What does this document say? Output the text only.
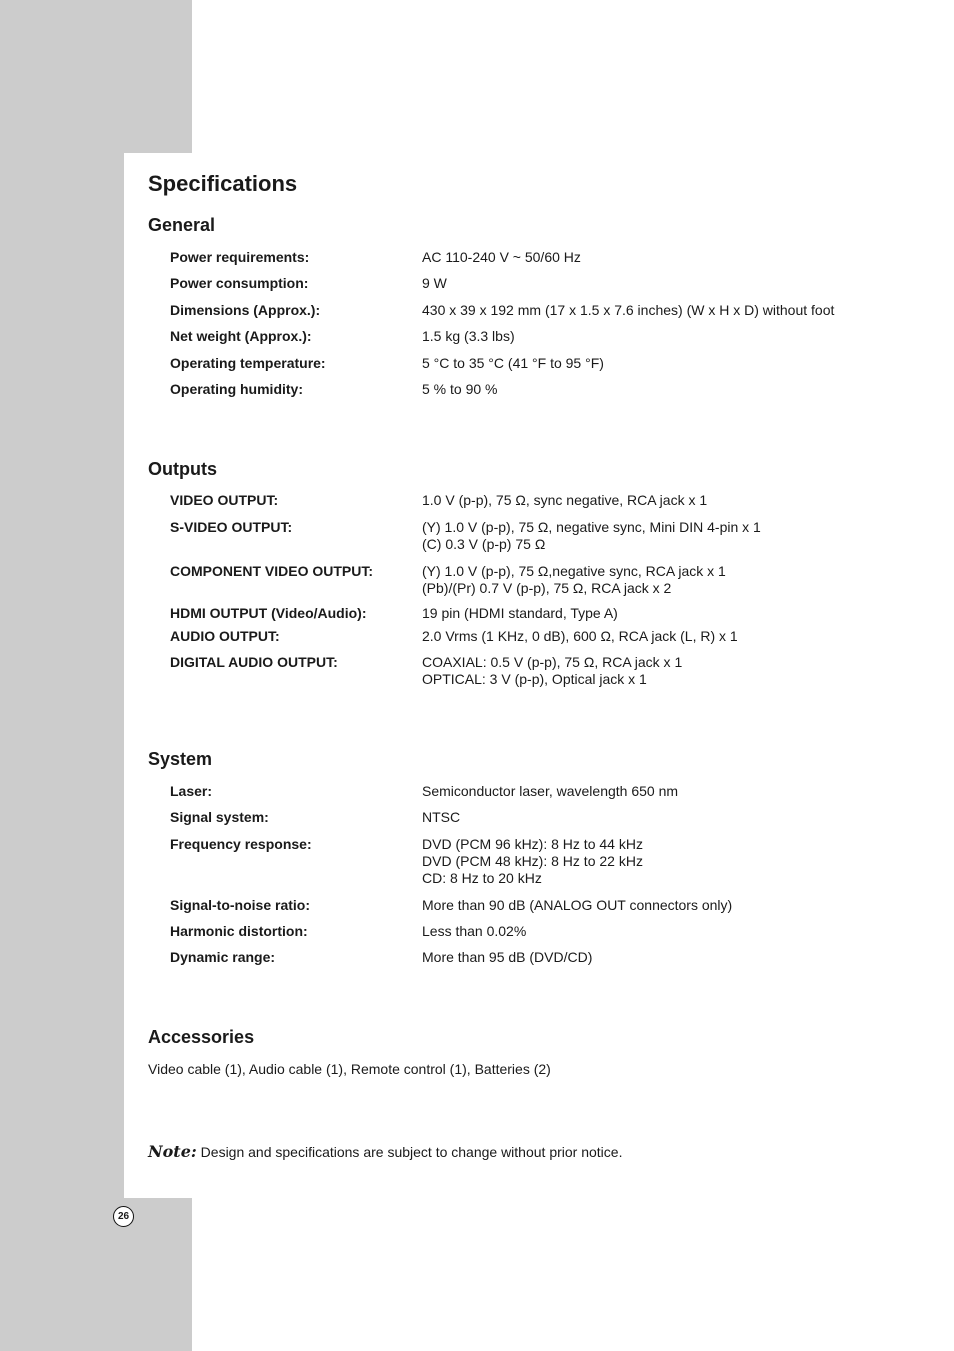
Specifications
General
Power requirements:	AC 110-240 V ~ 50/60 Hz
Power consumption:	9 W
Dimensions (Approx.):	430 x 39 x 192 mm (17 x 1.5 x 7.6 inches) (W x H x D) without foot
Net weight (Approx.):	1.5 kg (3.3 lbs)
Operating temperature:	5 °C to 35 °C (41 °F to 95 °F)
Operating humidity:	5 % to 90 %
Outputs
VIDEO OUTPUT:	1.0 V (p-p), 75 Ω, sync negative, RCA jack x 1
S-VIDEO OUTPUT:	(Y) 1.0 V (p-p), 75 Ω, negative sync, Mini DIN 4-pin x 1
(C) 0.3 V (p-p) 75 Ω
COMPONENT VIDEO OUTPUT:	(Y) 1.0 V (p-p), 75 Ω,negative sync, RCA jack x 1
(Pb)/(Pr) 0.7 V (p-p), 75 Ω, RCA jack x 2
HDMI OUTPUT (Video/Audio):	19 pin (HDMI standard, Type A)
AUDIO OUTPUT:	2.0 Vrms (1 KHz, 0 dB), 600 Ω, RCA jack (L, R) x 1
DIGITAL AUDIO OUTPUT:	COAXIAL: 0.5 V (p-p), 75 Ω, RCA jack x 1
OPTICAL: 3 V (p-p), Optical jack x 1
System
Laser:	Semiconductor laser, wavelength 650 nm
Signal system:	NTSC
Frequency response:	DVD (PCM 96 kHz): 8 Hz to 44 kHz
DVD (PCM 48 kHz): 8 Hz to 22 kHz
CD: 8 Hz to 20 kHz
Signal-to-noise ratio:	More than 90 dB (ANALOG OUT connectors only)
Harmonic distortion:	Less than 0.02%
Dynamic range:	More than 95 dB (DVD/CD)
Accessories
Video cable (1), Audio cable (1), Remote control (1), Batteries (2)
Note: Design and specifications are subject to change without prior notice.
26
